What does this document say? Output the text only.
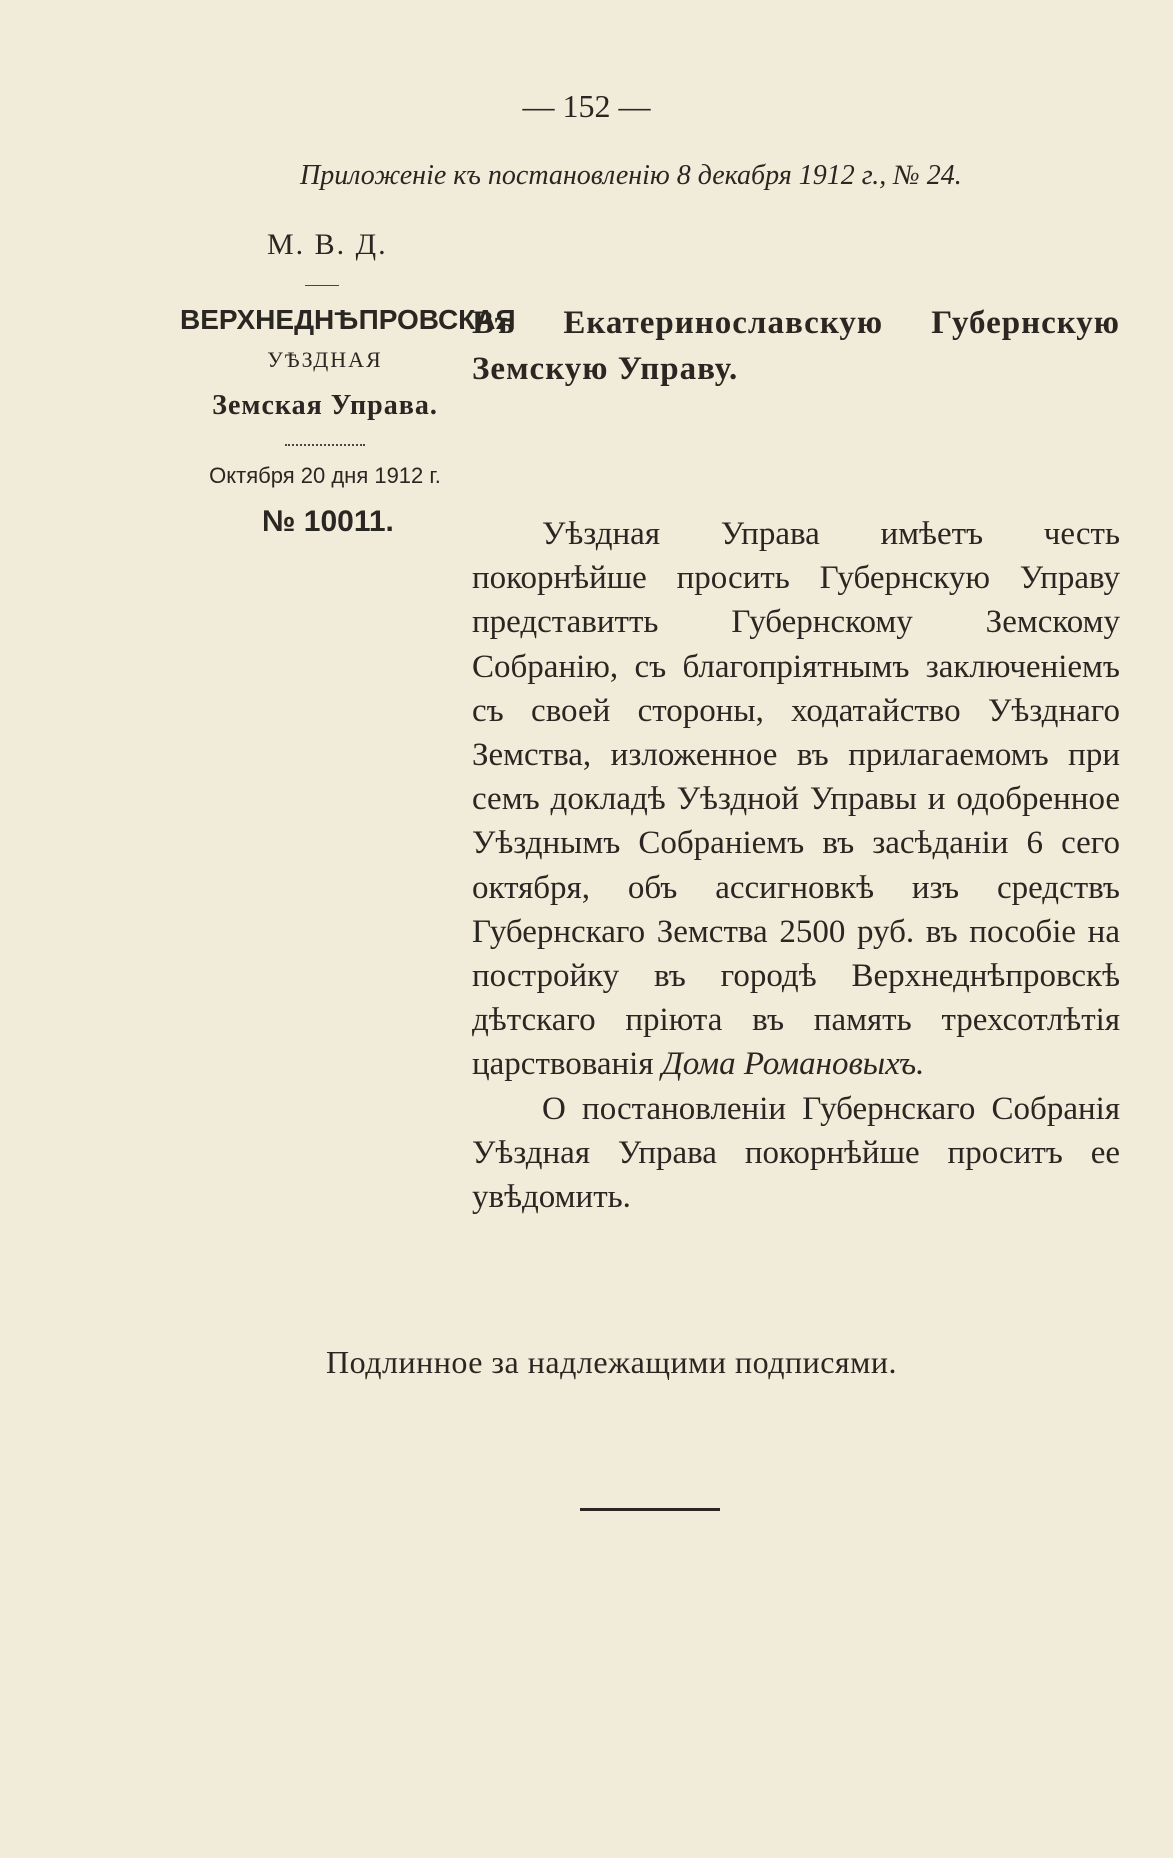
— 152 —
Приложенiе къ постановленiю 8 декабря 1912 г., № 24.
М. В. Д.
ВЕРХНЕДНѢПРОВСКАЯ
УѢЗДНАЯ
Земская Управа.
Октября 20 дня 1912 г.
№ 10011.
Въ Екатеринославскую Губернскую Земскую Управу.

Уѣздная Управа имѣетъ честь покорнѣйше просить Губернскую Управу представитть Губернскому Земскому Собранiю, съ благопрiятнымъ заключенiемъ съ своей стороны, ходатайство Уѣзднаго Земства, изложенное въ прилагаемомъ при семъ докладѣ Уѣздной Управы и одобренное Уѣзднымъ Собранiемъ въ засѣданiи 6 сего октября, объ ассигновкѣ изъ средствъ Губернскаго Земства 2500 руб. въ пособiе на постройку въ городѣ Верхнеднѣпровскѣ дѣтскаго прiюта въ память трехсотлѣтiя царствованiя Дома Романовыхъ.

О постановленiи Губернскаго Собранiя Уѣздная Управа покорнѣйше проситъ ее увѣдомить.

Подлинное за надлежащими подписями.
